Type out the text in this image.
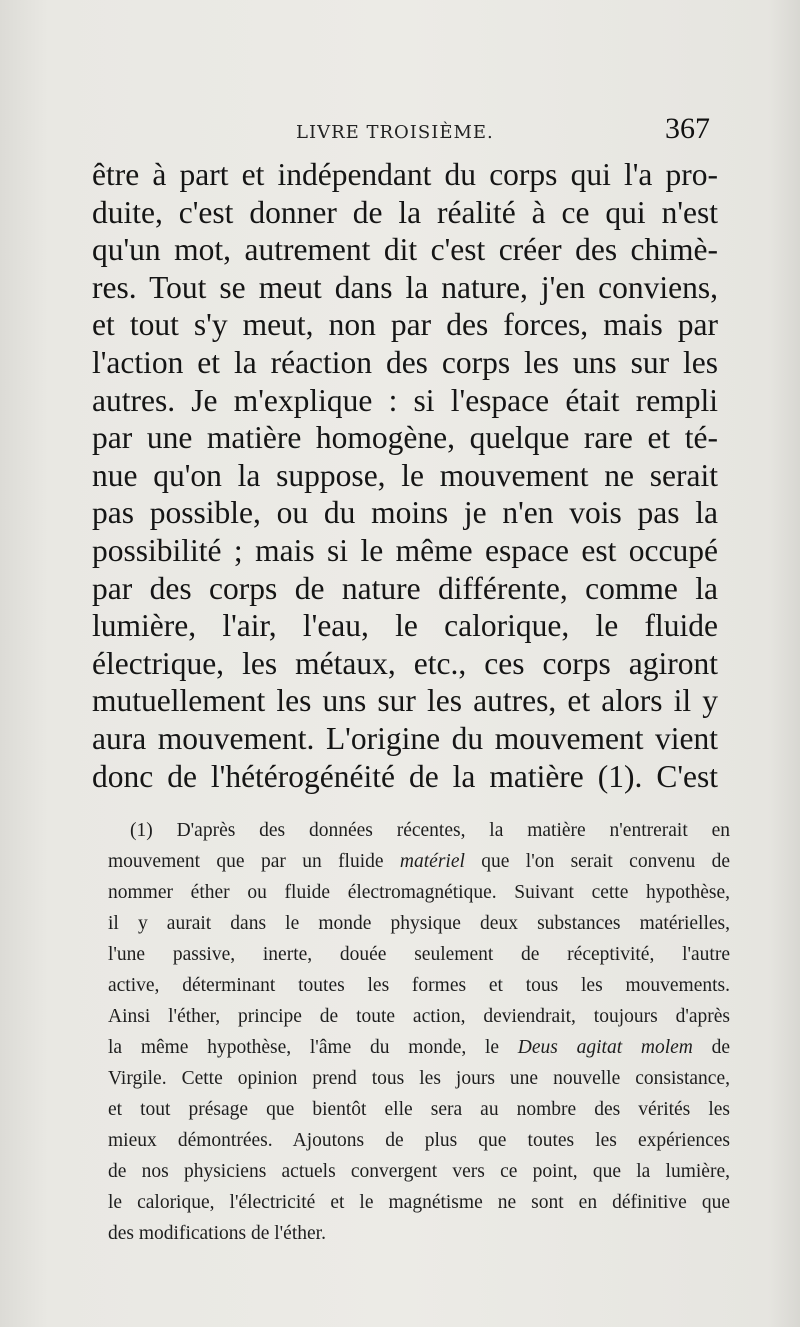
LIVRE TROISIÈME.	367
être à part et indépendant du corps qui l'a pro-
duite, c'est donner de la réalité à ce qui n'est
qu'un mot, autrement dit c'est créer des chimè-
res. Tout se meut dans la nature, j'en conviens,
et tout s'y meut, non par des forces, mais par
l'action et la réaction des corps les uns sur les
autres. Je m'explique : si l'espace était rempli
par une matière homogène, quelque rare et té-
nue qu'on la suppose, le mouvement ne serait
pas possible, ou du moins je n'en vois pas la
possibilité ; mais si le même espace est occupé
par des corps de nature différente, comme la
lumière, l'air, l'eau, le calorique, le fluide
électrique, les métaux, etc., ces corps agiront
mutuellement les uns sur les autres, et alors il y
aura mouvement. L'origine du mouvement vient
donc de l'hétérogénéité de la matière (1). C'est
(1) D'après des données récentes, la matière n'entrerait en
mouvement que par un fluide matériel que l'on serait convenu de
nommer éther ou fluide électromagnétique. Suivant cette hypothèse,
il y aurait dans le monde physique deux substances matérielles,
l'une passive, inerte, douée seulement de réceptivité, l'autre
active, déterminant toutes les formes et tous les mouvements.
Ainsi l'éther, principe de toute action, deviendrait, toujours d'après
la même hypothèse, l'âme du monde, le Deus agitat molem de
Virgile. Cette opinion prend tous les jours une nouvelle consistance,
et tout présage que bientôt elle sera au nombre des vérités les
mieux démontrées. Ajoutons de plus que toutes les expériences
de nos physiciens actuels convergent vers ce point, que la lumière,
le calorique, l'électricité et le magnétisme ne sont en définitive que
des modifications de l'éther.
